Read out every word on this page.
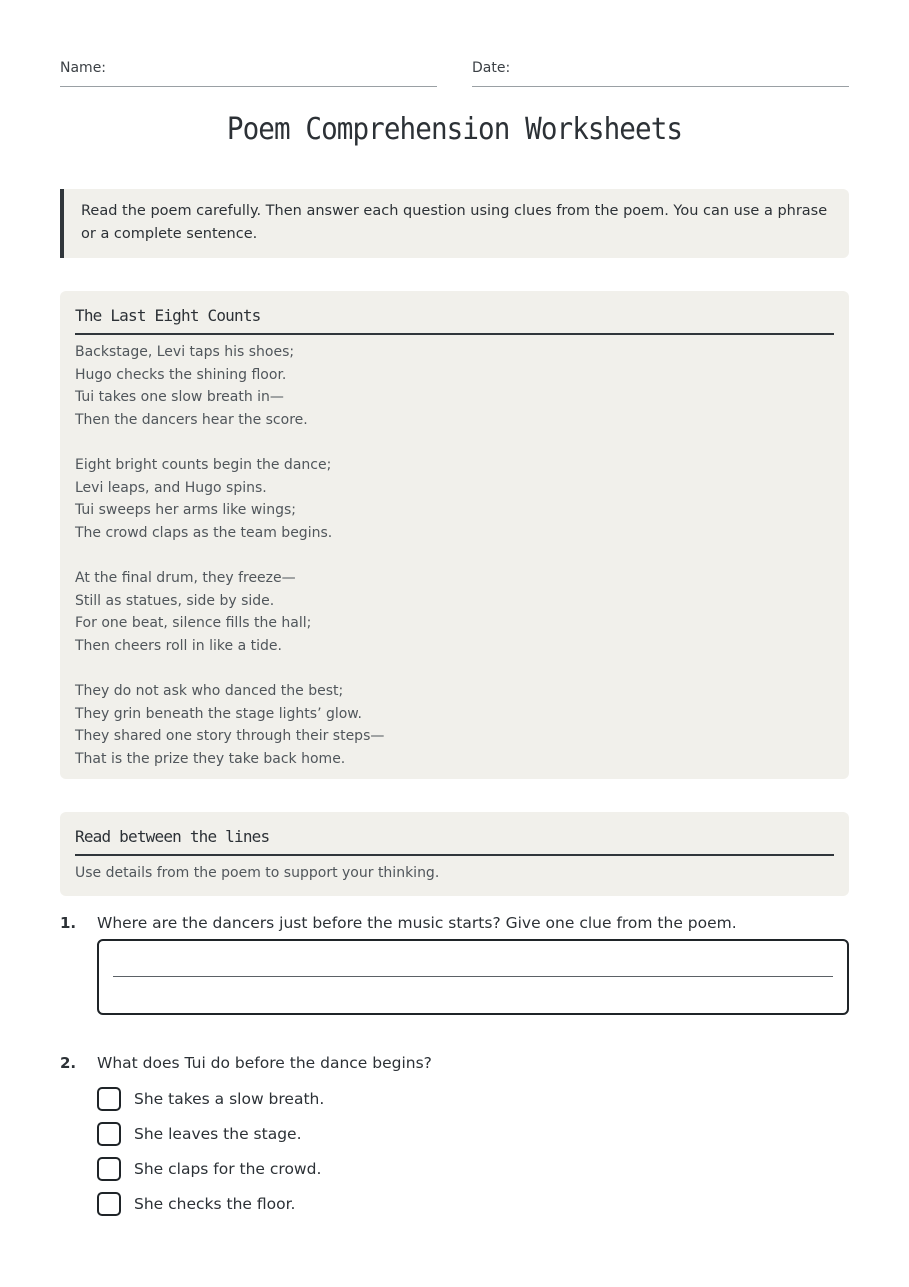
Name:	Date:
Poem Comprehension Worksheets
Read the poem carefully. Then answer each question using clues from the poem. You can use a phrase or a complete sentence.
The Last Eight Counts
Backstage, Levi taps his shoes;
Hugo checks the shining floor.
Tui takes one slow breath in—
Then the dancers hear the score.
Eight bright counts begin the dance;
Levi leaps, and Hugo spins.
Tui sweeps her arms like wings;
The crowd claps as the team begins.
At the final drum, they freeze—
Still as statues, side by side.
For one beat, silence fills the hall;
Then cheers roll in like a tide.
They do not ask who danced the best;
They grin beneath the stage lights’ glow.
They shared one story through their steps—
That is the prize they take back home.
Read between the lines
Use details from the poem to support your thinking.
1. Where are the dancers just before the music starts? Give one clue from the poem.
2. What does Tui do before the dance begins?
She takes a slow breath.
She leaves the stage.
She claps for the crowd.
She checks the floor.
